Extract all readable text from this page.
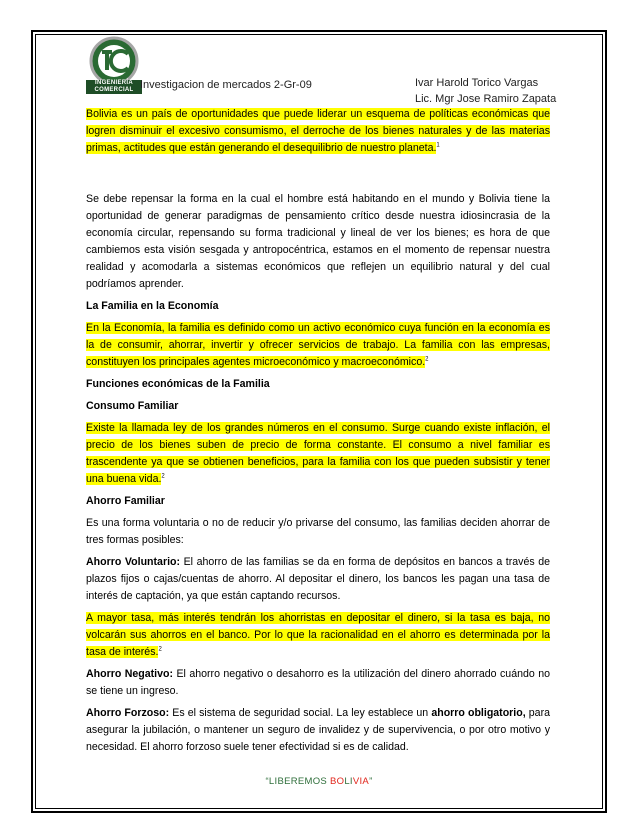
INGENIERÍA COMERCIAL Investigacion de mercados 2-Gr-09	Ivar Harold Torico Vargas
Lic. Mgr Jose Ramiro Zapata

Bolivia es un país de oportunidades que puede liderar un esquema de políticas económicas que logren disminuir el excesivo consumismo, el derroche de los bienes naturales y de las materias primas, actitudes que están generando el desequilibrio de nuestro planeta.$^1$

Se debe repensar la forma en la cual el hombre está habitando en el mundo y Bolivia tiene la oportunidad de generar paradigmas de pensamiento crítico desde nuestra idiosincrasia de la economía circular, repensando su forma tradicional y lineal de ver los bienes; es hora de que cambiemos esta visión sesgada y antropocéntrica, estamos en el momento de repensar nuestra realidad y acomodarla a sistemas económicos que reflejen un equilibrio natural y del cual podríamos aprender.

La Familia en la Economía

En la Economía, la familia es definido como un activo económico cuya función en la economía es la de consumir, ahorrar, invertir y ofrecer servicios de trabajo. La familia con las empresas, constituyen los principales agentes microeconómico y macroeconómico.$^2$

Funciones económicas de la Familia

Consumo Familiar

Existe la llamada ley de los grandes números en el consumo. Surge cuando existe inflación, el precio de los bienes suben de precio de forma constante. El consumo a nivel familiar es trascendente ya que se obtienen beneficios, para la familia con los que pueden subsistir y tener una buena vida.$^2$

Ahorro Familiar

Es una forma voluntaria o no de reducir y/o privarse del consumo, las familias deciden ahorrar de tres formas posibles:

Ahorro Voluntario: El ahorro de las familias se da en forma de depósitos en bancos a través de plazos fijos o cajas/cuentas de ahorro. Al depositar el dinero, los bancos les pagan una tasa de interés de captación, ya que están captando recursos.

A mayor tasa, más interés tendrán los ahorristas en depositar el dinero, si la tasa es baja, no volcarán sus ahorros en el banco. Por lo que la racionalidad en el ahorro es determinada por la tasa de interés.$^2$

Ahorro Negativo: El ahorro negativo o desahorro es la utilización del dinero ahorrado cuándo no se tiene un ingreso.

Ahorro Forzoso: Es el sistema de seguridad social. La ley establece un ahorro obligatorio, para asegurar la jubilación, o mantener un seguro de invalidez y de supervivencia, o por otro motivo y necesidad. El ahorro forzoso suele tener efectividad si es de calidad.

“LIBEREMOS BOLIVIA”
